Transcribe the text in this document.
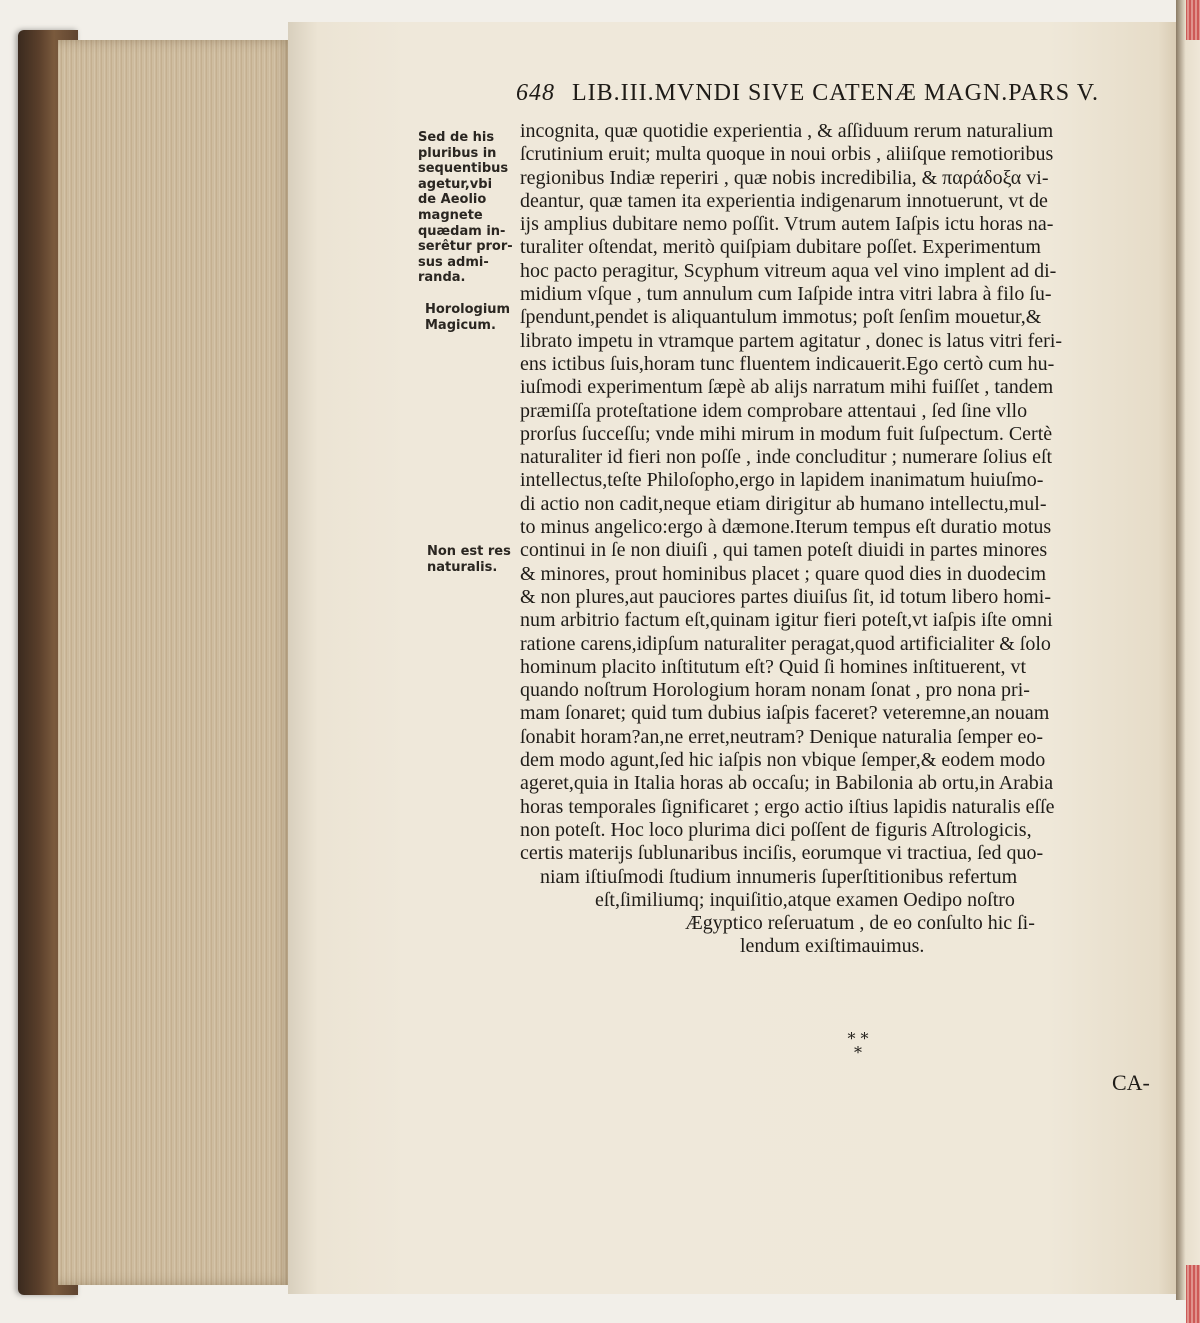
648 LIB.III.MVNDI SIVE CATENÆ MAGN.PARS V.
Sed de his
pluribus in
sequentibus
agetur,vbi
de Aeolio
magnete
quædam in-
serêtur pror-
sus admi-
randa.
Horologium
Magicum.
Non est res
naturalis.
incognita, quæ quotidie experientia , & aſſiduum rerum naturalium
ſcrutinium eruit; multa quoque in noui orbis , aliiſque remotioribus
regionibus Indiæ reperiri , quæ nobis incredibilia, & παράδοξα vi-
deantur, quæ tamen ita experientia indigenarum innotuerunt, vt de
ijs amplius dubitare nemo poſſit. Vtrum autem Iaſpis ictu horas na-
turaliter oſtendat, meritò quiſpiam dubitare poſſet. Experimentum
hoc pacto peragitur, Scyphum vitreum aqua vel vino implent ad di-
midium vſque , tum annulum cum Iaſpide intra vitri labra à filo ſu-
ſpendunt,pendet is aliquantulum immotus; poſt ſenſim mouetur,&
librato impetu in vtramque partem agitatur , donec is latus vitri feri-
ens ictibus ſuis,horam tunc fluentem indicauerit.Ego certò cum hu-
iuſmodi experimentum ſæpè ab alijs narratum mihi fuiſſet , tandem
præmiſſa proteſtatione idem comprobare attentaui , ſed ſine vllo
prorſus ſucceſſu; vnde mihi mirum in modum fuit ſuſpectum. Certè
naturaliter id fieri non poſſe , inde concluditur ; numerare ſolius eſt
intellectus,teſte Philoſopho,ergo in lapidem inanimatum huiuſmo-
di actio non cadit,neque etiam dirigitur ab humano intellectu,mul-
to minus angelico:ergo à dæmone.Iterum tempus eſt duratio motus
continui in ſe non diuiſi , qui tamen poteſt diuidi in partes minores
& minores, prout hominibus placet ; quare quod dies in duodecim
& non plures,aut pauciores partes diuiſus ſit, id totum libero homi-
num arbitrio factum eſt,quinam igitur fieri poteſt,vt iaſpis iſte omni
ratione carens,idipſum naturaliter peragat,quod artificialiter & ſolo
hominum placito inſtitutum eſt? Quid ſi homines inſtituerent, vt
quando noſtrum Horologium horam nonam ſonat , pro nona pri-
mam ſonaret; quid tum dubius iaſpis faceret? veteremne,an nouam
ſonabit horam?an,ne erret,neutram? Denique naturalia ſemper eo-
dem modo agunt,ſed hic iaſpis non vbique ſemper,& eodem modo
ageret,quia in Italia horas ab occaſu; in Babilonia ab ortu,in Arabia
horas temporales ſignificaret ; ergo actio iſtius lapidis naturalis eſſe
non poteſt. Hoc loco plurima dici poſſent de figuris Aſtrologicis,
certis materijs ſublunaribus inciſis, eorumque vi tractiua, ſed quo-
niam iſtiuſmodi ſtudium innumeris ſuperſtitionibus refertum
eſt,ſimiliumq; inquiſitio,atque examen Oedipo noſtro
Ægyptico reſeruatum , de eo conſulto hic ſi-
lendum exiſtimauimus.
* *
*
CA-
